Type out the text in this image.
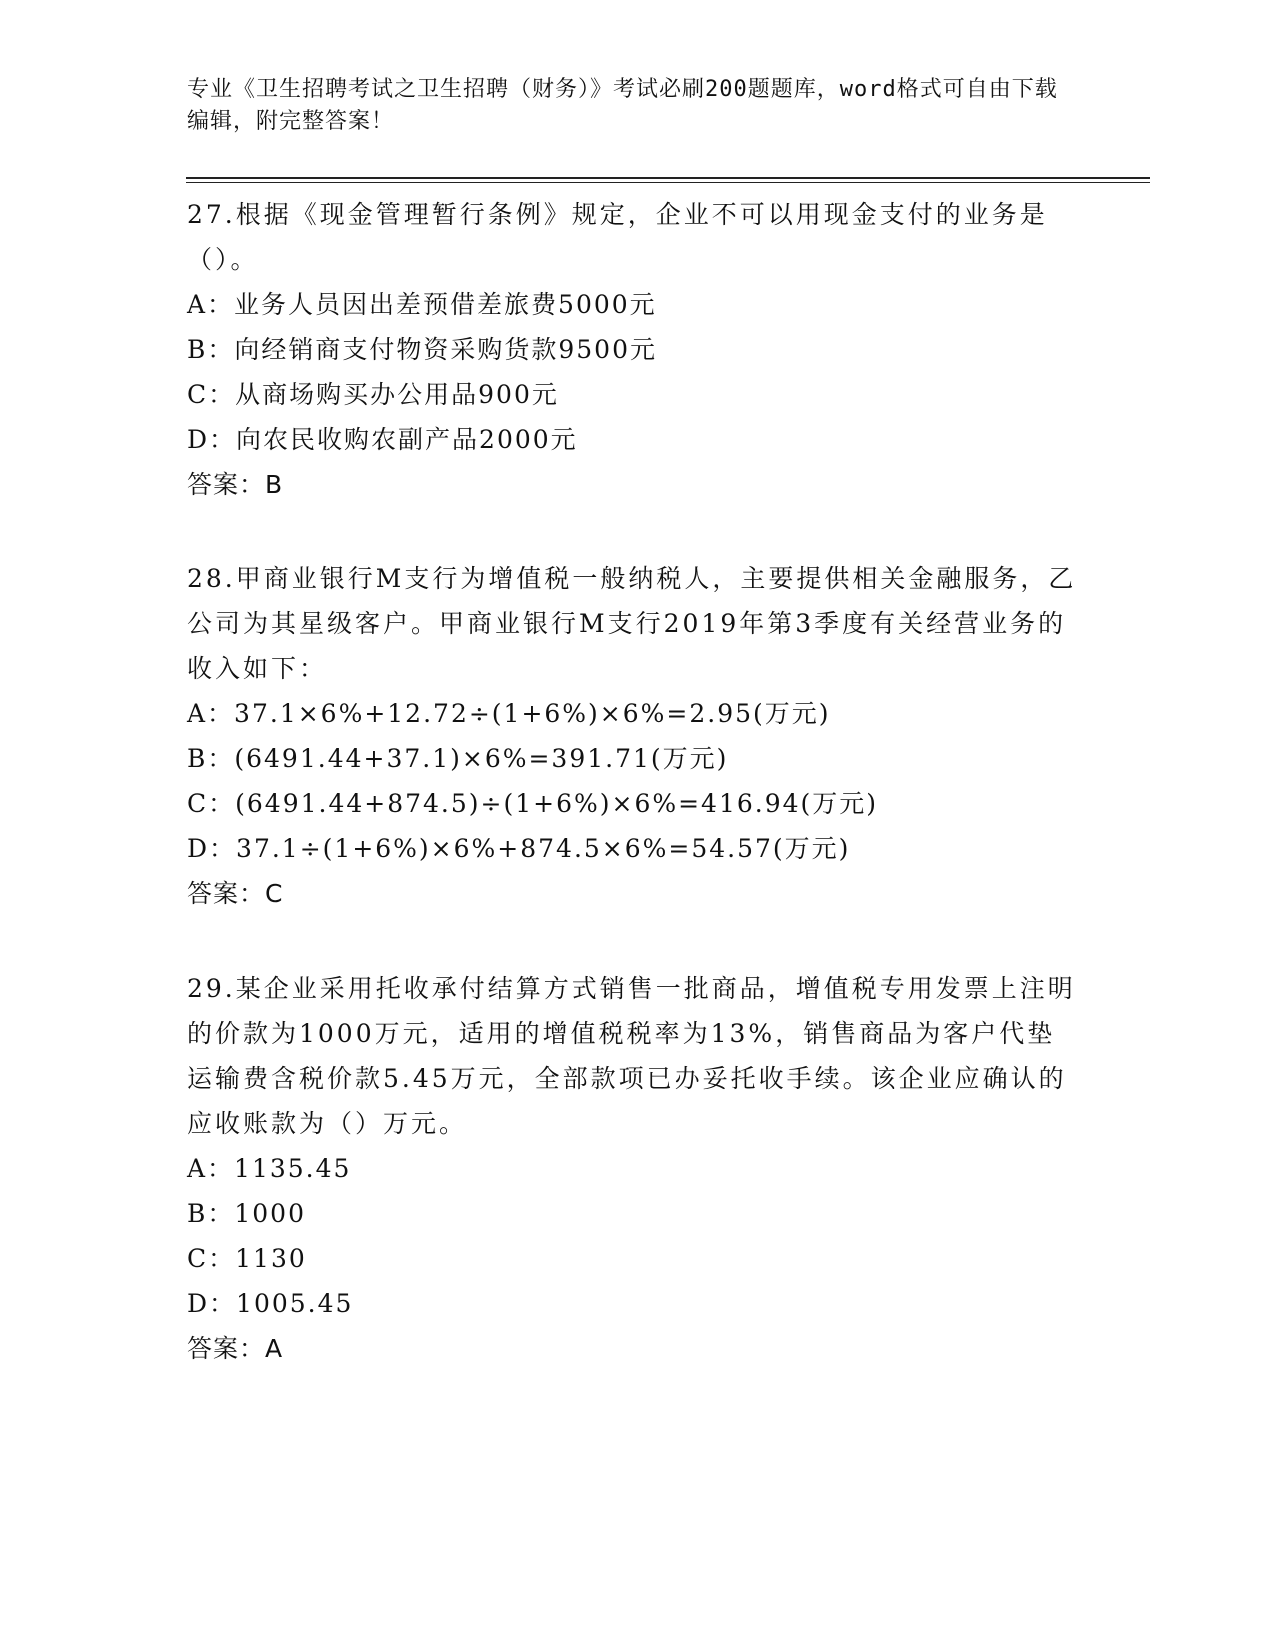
专业《卫生招聘考试之卫生招聘（财务）》考试必刷200题题库，word格式可自由下载编辑，附完整答案！

27.根据《现金管理暂行条例》规定，企业不可以用现金支付的业务是（）。

A：业务人员因出差预借差旅费5000元
B：向经销商支付物资采购货款9500元
C：从商场购买办公用品900元
D：向农民收购农副产品2000元
答案：B

28.甲商业银行M支行为增值税一般纳税人，主要提供相关金融服务，乙公司为其星级客户。甲商业银行M支行2019年第3季度有关经营业务的收入如下：

A：37.1×6%+12.72÷(1+6%)×6%=2.95(万元)
B：(6491.44+37.1)×6%=391.71(万元)
C：(6491.44+874.5)÷(1+6%)×6%=416.94(万元)
D：37.1÷(1+6%)×6%+874.5×6%=54.57(万元)
答案：C

29.某企业采用托收承付结算方式销售一批商品，增值税专用发票上注明的价款为1000万元，适用的增值税税率为13%，销售商品为客户代垫运输费含税价款5.45万元，全部款项已办妥托收手续。该企业应确认的应收账款为（）万元。

A：1135.45
B：1000
C：1130
D：1005.45
答案：A
